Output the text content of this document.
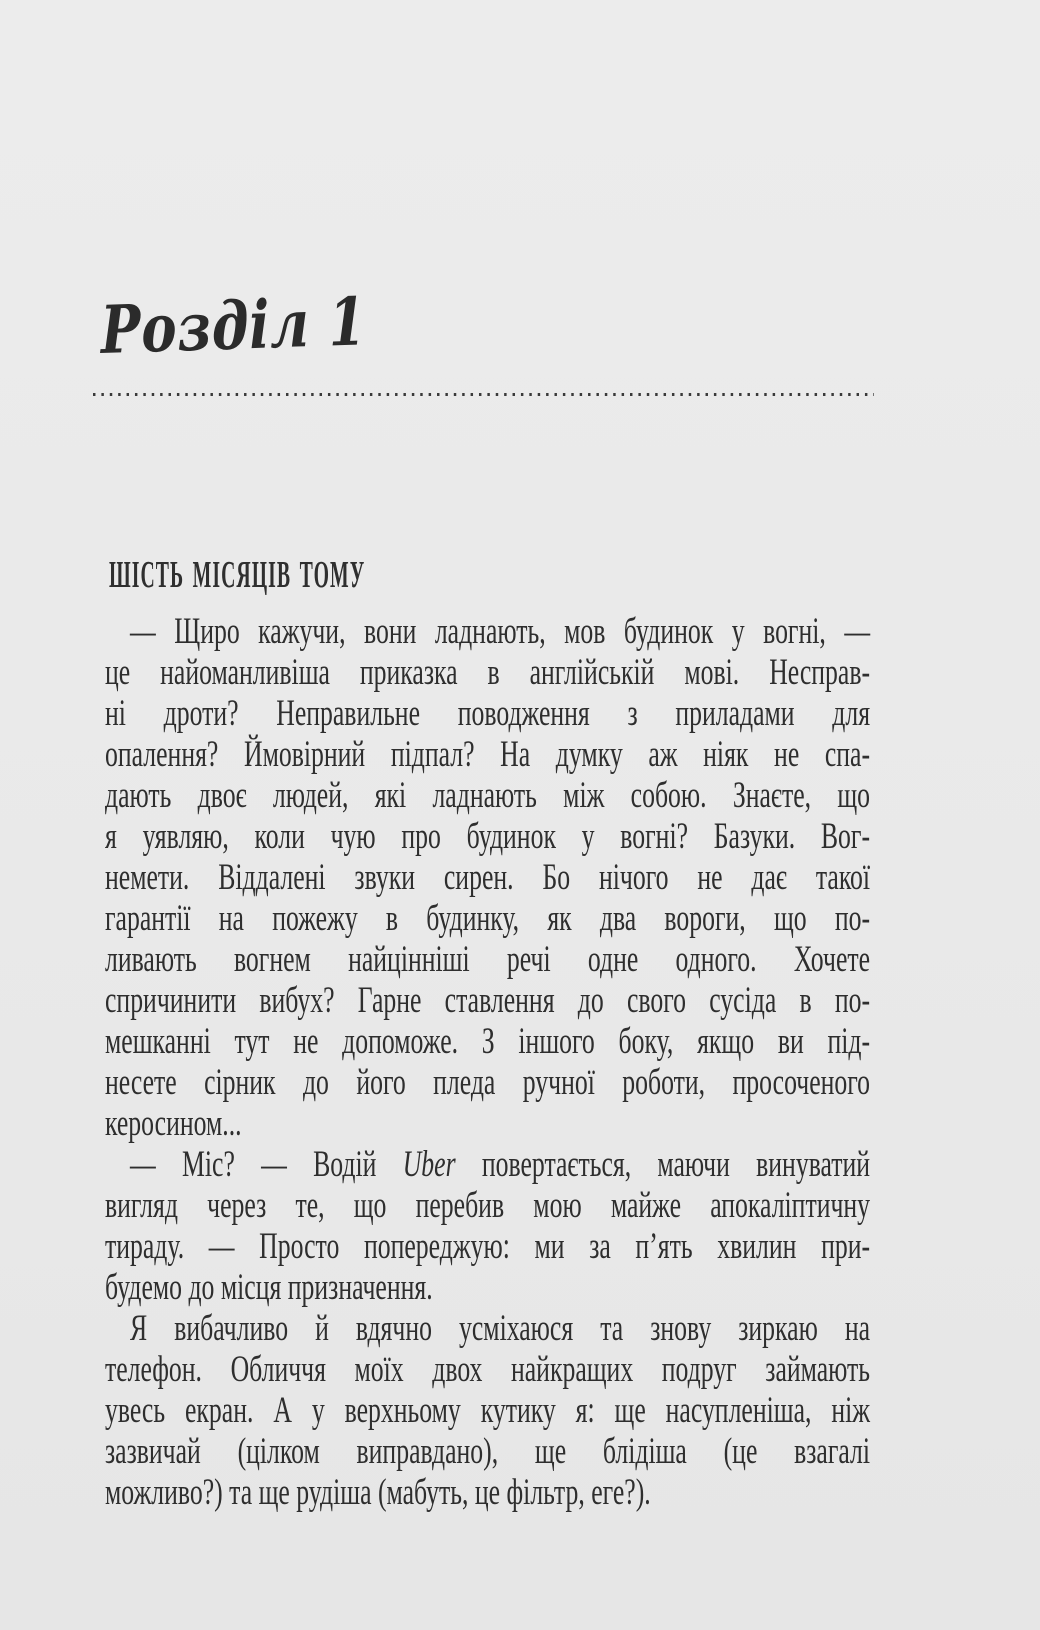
Розділ 1
ШІСТЬ МІСЯЦІВ ТОМУ
— Щиро кажучи, вони ладнають, мов будинок у вогні, —
це найоманливіша приказка в англійській мові. Несправ-
ні дроти? Неправильне поводження з приладами для
опалення? Ймовірний підпал? На думку аж ніяк не спа-
дають двоє людей, які ладнають між собою. Знаєте, що
я уявляю, коли чую про будинок у вогні? Базуки. Вог-
немети. Віддалені звуки сирен. Бо нічого не дає такої
гарантії на пожежу в будинку, як два вороги, що по-
ливають вогнем найцінніші речі одне одного. Хочете
спричинити вибух? Гарне ставлення до свого сусіда в по-
мешканні тут не допоможе. З іншого боку, якщо ви під-
несете сірник до його пледа ручної роботи, просоченого
керосином...
— Міс? — Водій Uber повертається, маючи винуватий
вигляд через те, що перебив мою майже апокаліптичну
тираду. — Просто попереджую: ми за п’ять хвилин при-
будемо до місця призначення.
Я вибачливо й вдячно усміхаюся та знову зиркаю на
телефон. Обличчя моїх двох найкращих подруг займають
увесь екран. А у верхньому кутику я: ще насупленіша, ніж
зазвичай (цілком виправдано), ще блідіша (це взагалі
можливо?) та ще рудіша (мабуть, це фільтр, еге?).
